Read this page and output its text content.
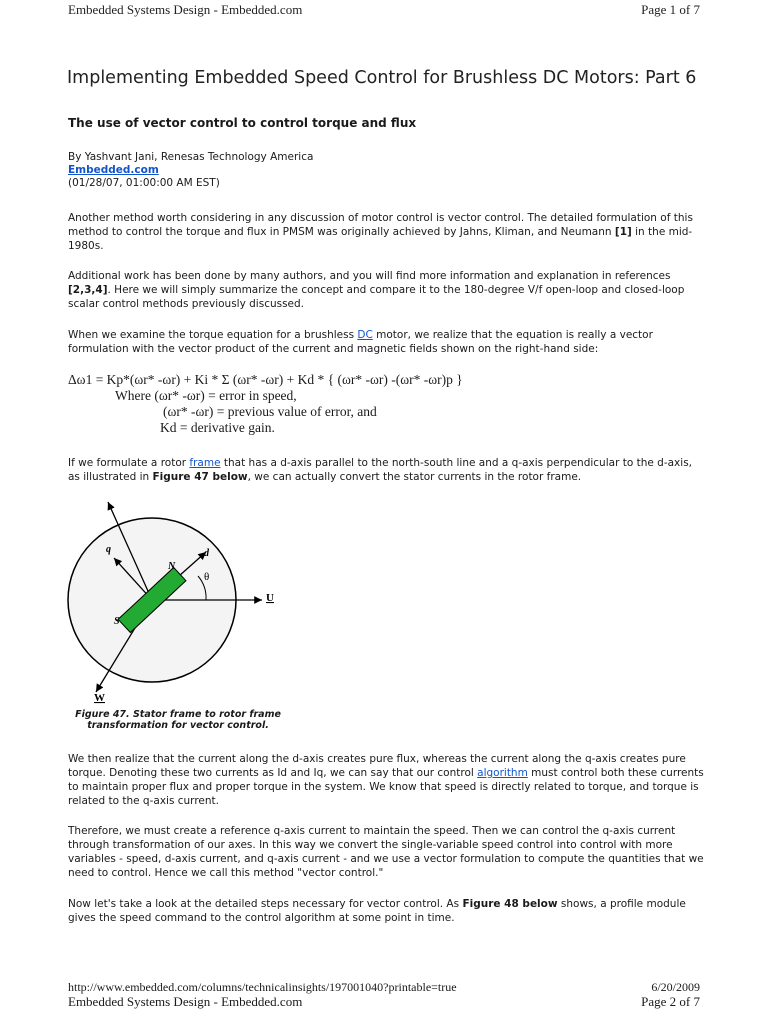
Embedded Systems Design - Embedded.com	Page 1 of 7
Implementing Embedded Speed Control for Brushless DC Motors: Part 6
The use of vector control to control torque and flux
By Yashvant Jani, Renesas Technology America
Embedded.com
(01/28/07, 01:00:00 AM EST)

Another method worth considering in any discussion of motor control is vector control. The detailed formulation of this method to control the torque and flux in PMSM was originally achieved by Jahns, Kliman, and Neumann [1] in the mid-1980s.

Additional work has been done by many authors, and you will find more information and explanation in references [2,3,4]. Here we will simply summarize the concept and compare it to the 180-degree V/f open-loop and closed-loop scalar control methods previously discussed.

When we examine the torque equation for a brushless DC motor, we realize that the equation is really a vector formulation with the vector product of the current and magnetic fields shown on the right-hand side:

Δω1 = Kp*(ωr* -ωr) + Ki * Σ (ωr* -ωr) + Kd * { (ωr* -ωr) -(ωr* -ωr)p }
Where (ωr* -ωr) = error in speed,
(ωr* -ωr) = previous value of error, and
Kd = derivative gain.

If we formulate a rotor frame that has a d-axis parallel to the north-south line and a q-axis perpendicular to the d-axis, as illustrated in Figure 47 below, we can actually convert the stator currents in the rotor frame.

q	d
N
S
θ
U
W
Figure 47. Stator frame to rotor frame transformation for vector control.

We then realize that the current along the d-axis creates pure flux, whereas the current along the q-axis creates pure torque. Denoting these two currents as Id and Iq, we can say that our control algorithm must control both these currents to maintain proper flux and proper torque in the system. We know that speed is directly related to torque, and torque is related to the q-axis current.

Therefore, we must create a reference q-axis current to maintain the speed. Then we can control the q-axis current through transformation of our axes. In this way we convert the single-variable speed control into control with more variables - speed, d-axis current, and q-axis current - and we use a vector formulation to compute the quantities that we need to control. Hence we call this method "vector control."

Now let's take a look at the detailed steps necessary for vector control. As Figure 48 below shows, a profile module gives the speed command to the control algorithm at some point in time.

http://www.embedded.com/columns/technicalinsights/197001040?printable=true	6/20/2009
Embedded Systems Design - Embedded.com	Page 2 of 7
